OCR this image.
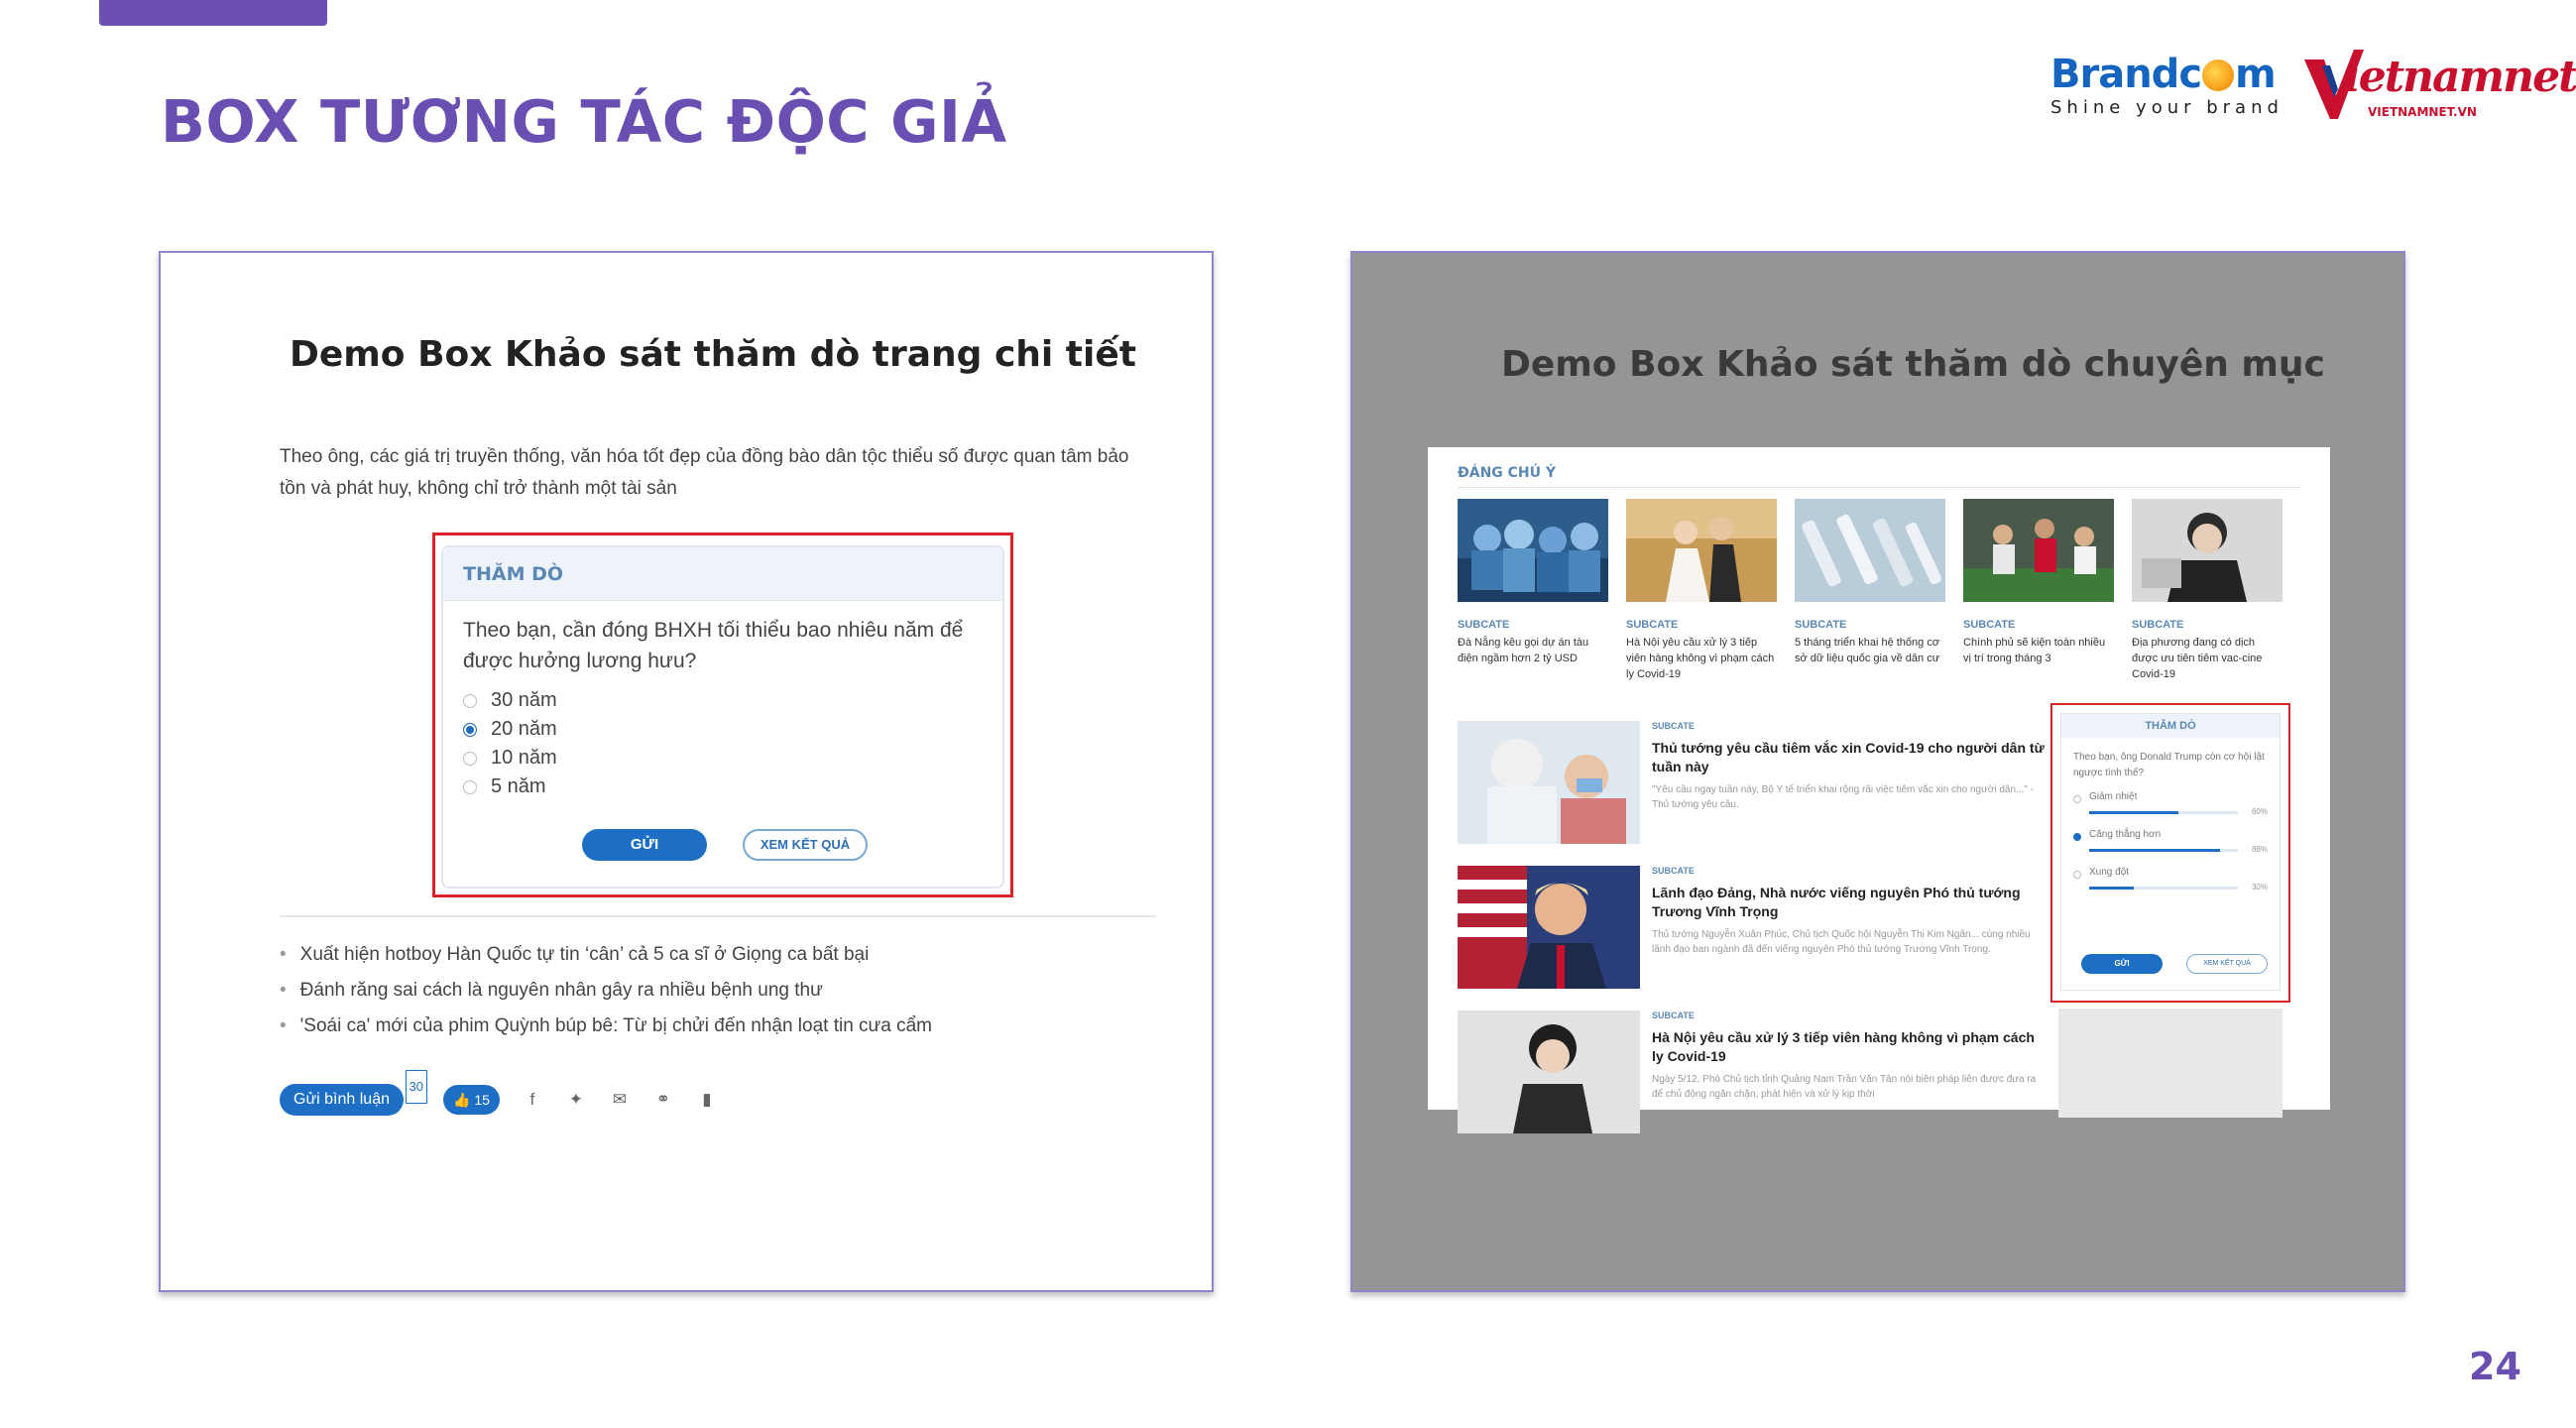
BOX TƯƠNG TÁC ĐỘC GIẢ
Brandc m
Shine your brand
ietnamnet
VIETNAMNET.VN
24
Demo Box Khảo sát thăm dò trang chi tiết
Theo ông, các giá trị truyền thống, văn hóa tốt đẹp của đồng bào dân tộc thiểu số được quan tâm bảo tồn và phát huy, không chỉ trở thành một tài sản
THĂM DÒ
Theo bạn, cần đóng BHXH tối thiểu bao nhiêu năm để được hưởng lương hưu?
30 năm
20 năm
10 năm
5 năm
GỬI	XEM KẾT QUẢ
• Xuất hiện hotboy Hàn Quốc tự tin ‘cân’ cả 5 ca sĩ ở Giọng ca bất bại
• Đánh răng sai cách là nguyên nhân gây ra nhiều bệnh ung thư
• 'Soái ca' mới của phim Quỳnh búp bê: Từ bị chửi đến nhận loạt tin cưa cẩm
Gửi bình luận
30
👍 15	f	✦ ✉ ⚭	▮
Demo Box Khảo sát thăm dò chuyên mục
ĐÁNG CHÚ Ý
SUBCATE
Đà Nẵng kêu gọi dự án tàu điện ngầm hơn 2 tỷ USD
SUBCATE
Hà Nội yêu cầu xử lý 3 tiếp viên hàng không vì phạm cách ly Covid-19
SUBCATE
5 tháng triển khai hệ thống cơ sở dữ liệu quốc gia về dân cư
SUBCATE
Chính phủ sẽ kiện toàn nhiều vị trí trong tháng 3
SUBCATE
Địa phương đang có dịch được ưu tiên tiêm vac-cine Covid-19
SUBCATE
Thủ tướng yêu cầu tiêm vắc xin Covid-19 cho người dân từ tuần này
"Yêu cầu ngay tuần này, Bộ Y tế triển khai rộng rãi việc tiêm vắc xin cho người dân..." - Thủ tướng yêu cầu.
SUBCATE
Lãnh đạo Đảng, Nhà nước viếng nguyên Phó thủ tướng Trương Vĩnh Trọng
Thủ tướng Nguyễn Xuân Phúc, Chủ tịch Quốc hội Nguyễn Thị Kim Ngân... cùng nhiều lãnh đạo ban ngành đã đến viếng nguyên Phó thủ tướng Trương Vĩnh Trọng.
SUBCATE
Hà Nội yêu cầu xử lý 3 tiếp viên hàng không vì phạm cách ly Covid-19
Ngày 5/12, Phó Chủ tịch tỉnh Quảng Nam Trần Văn Tân nói biện pháp liên được đưa ra để chủ động ngăn chặn, phát hiện và xử lý kịp thời
THĂM DÒ
Theo bạn, ông Donald Trump còn cơ hội lật ngược tình thế?
Giảm nhiệt
60%
Căng thẳng hơn
88%
Xung đột
30%
GỬI	XEM KẾT QUẢ
